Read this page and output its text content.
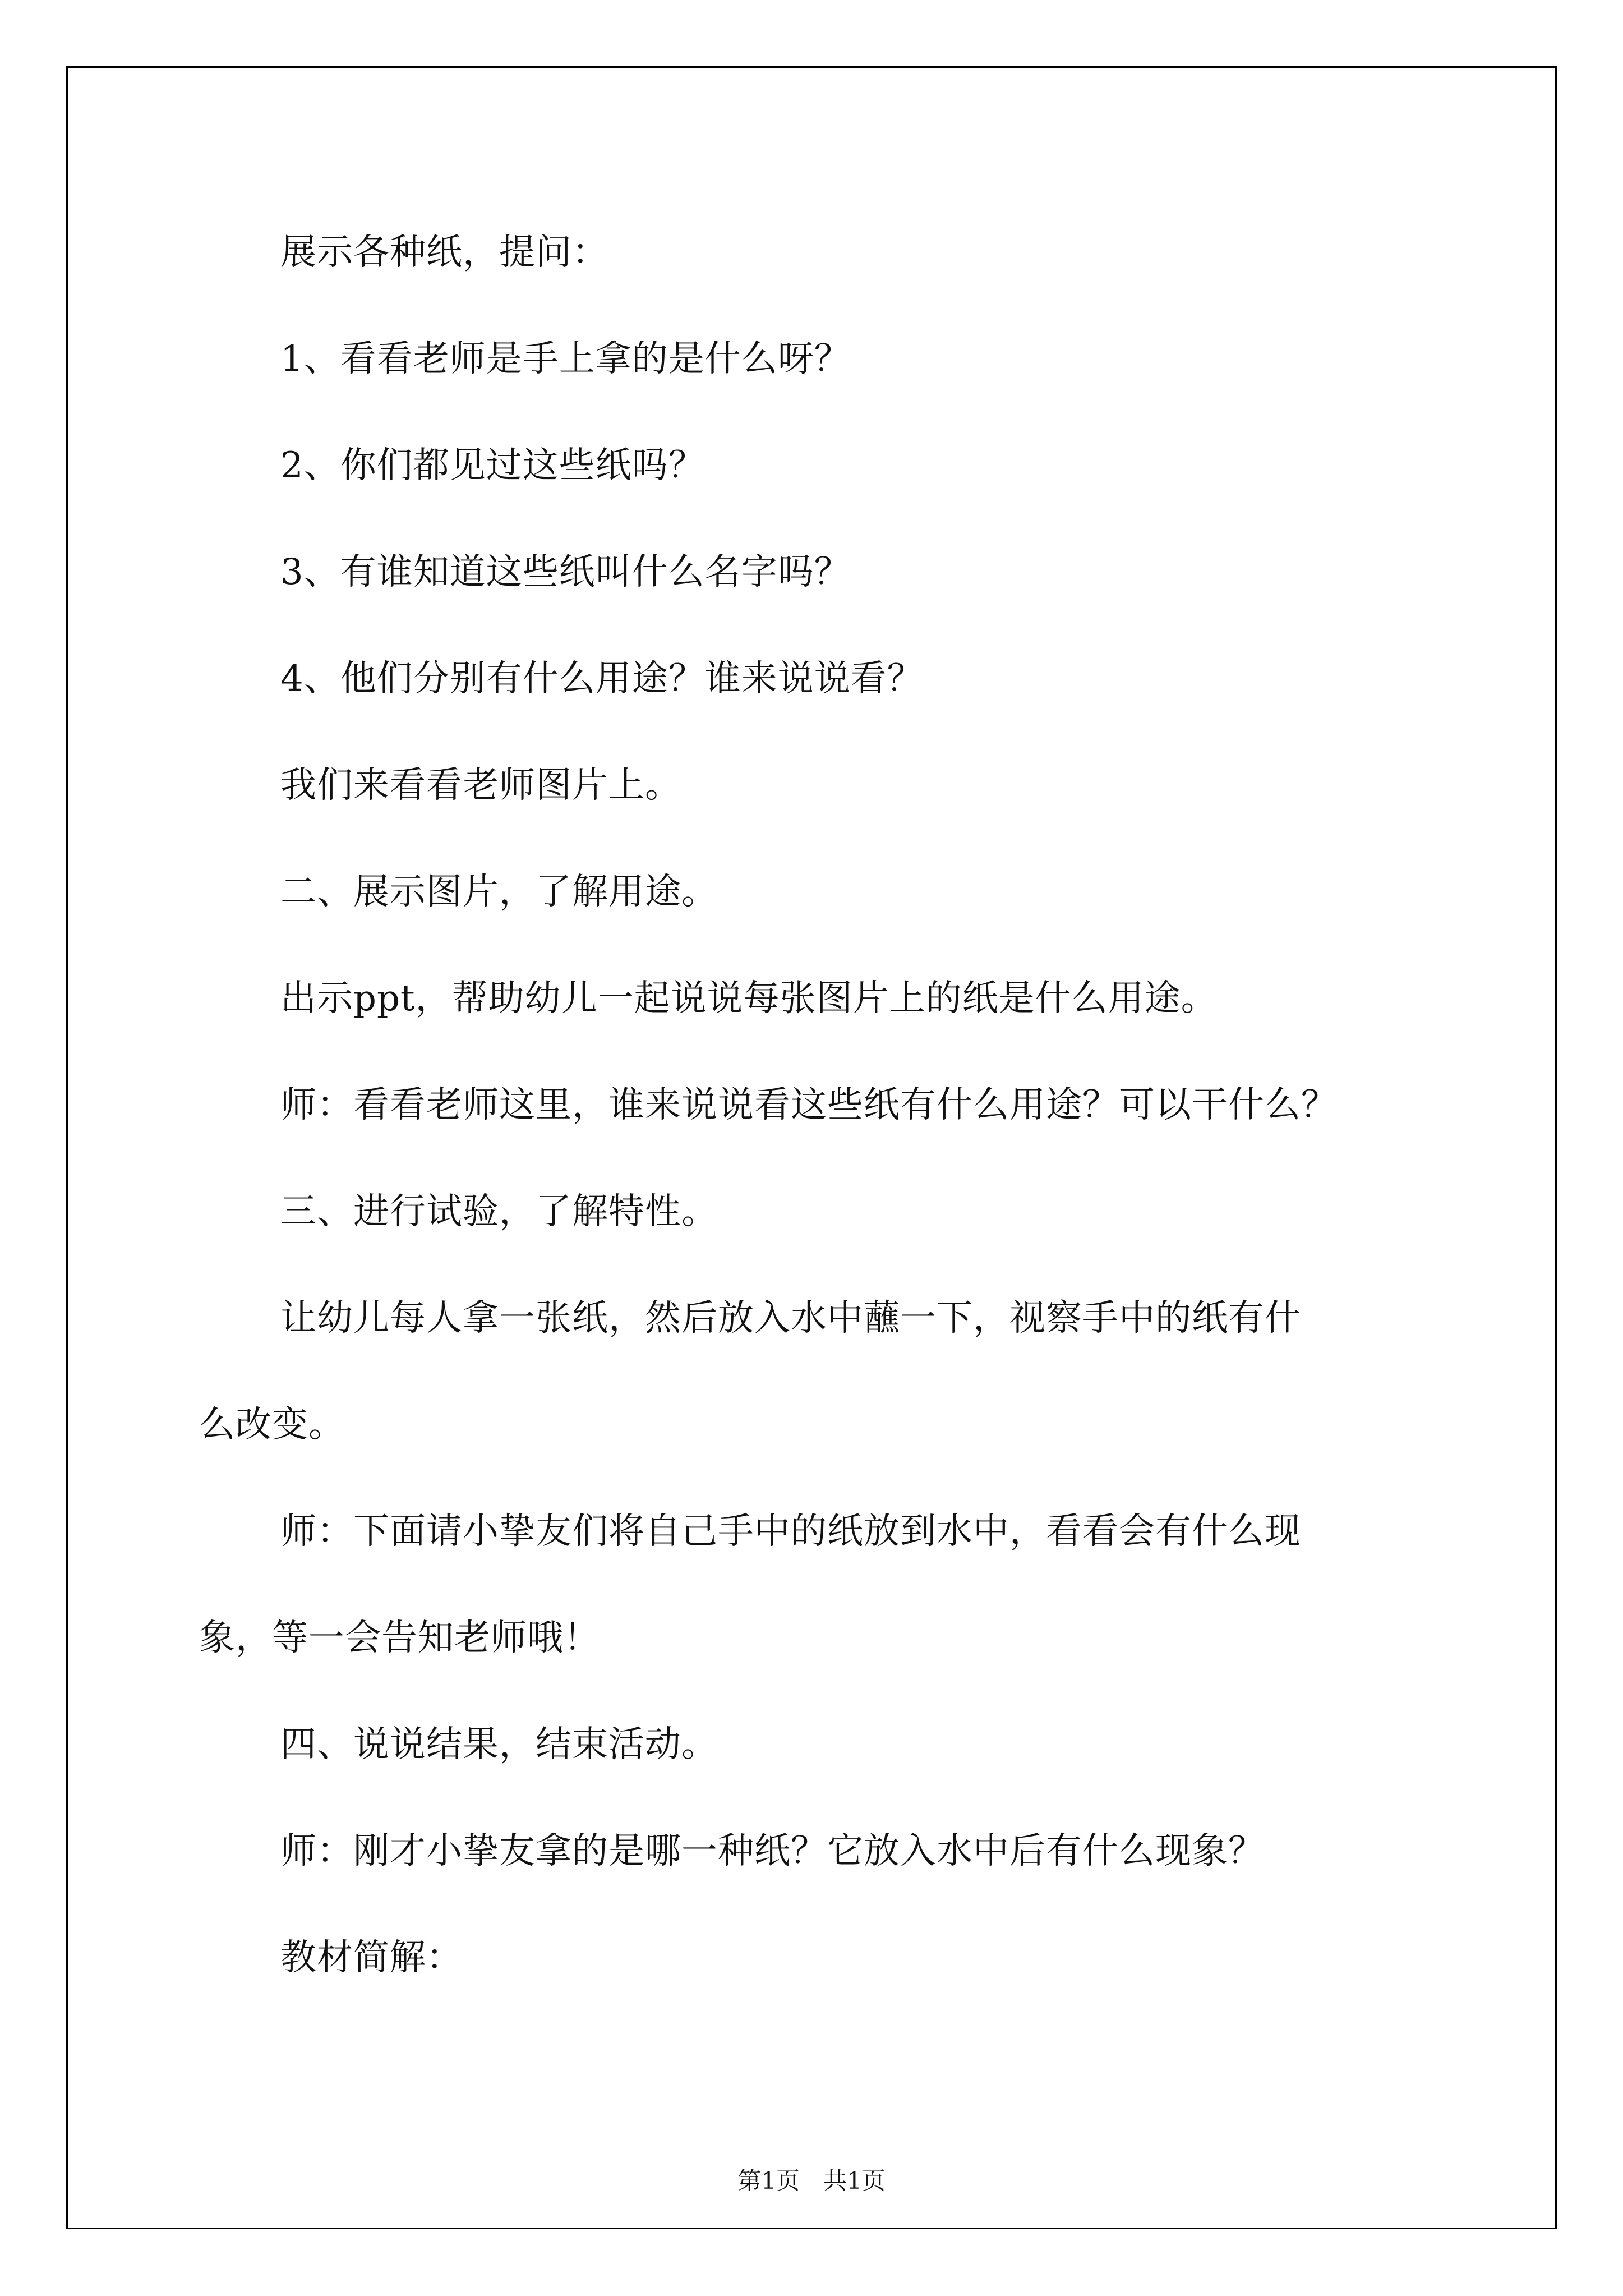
展示各种纸，提问：
1、看看老师是手上拿的是什么呀？
2、你们都见过这些纸吗？
3、有谁知道这些纸叫什么名字吗？
4、他们分别有什么用途？谁来说说看？
我们来看看老师图片上。
二、展示图片，了解用途。
出示ppt，帮助幼儿一起说说每张图片上的纸是什么用途。
师：看看老师这里，谁来说说看这些纸有什么用途？可以干什么？
三、进行试验，了解特性。
让幼儿每人拿一张纸，然后放入水中蘸一下，视察手中的纸有什
么改变。
师：下面请小挚友们将自己手中的纸放到水中，看看会有什么现
象，等一会告知老师哦！
四、说说结果，结束活动。
师：刚才小挚友拿的是哪一种纸？它放入水中后有什么现象？
教材简解：
第1页　共1页
